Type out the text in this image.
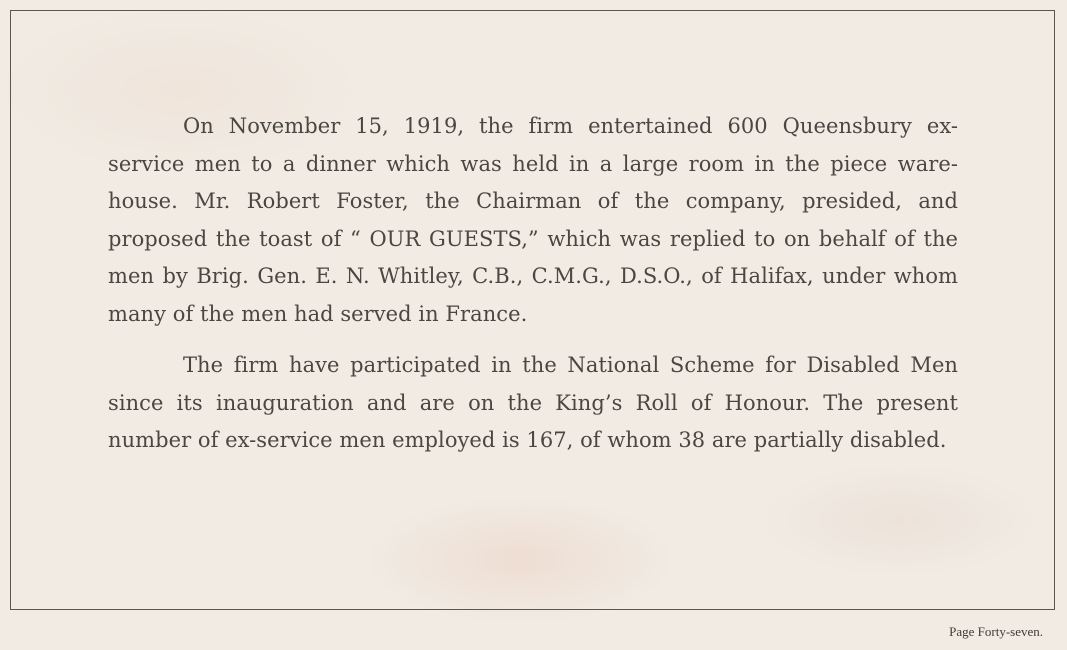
On November 15, 1919, the firm entertained 600 Queensbury ex-service men to a dinner which was held in a large room in the piece ware-house. Mr. Robert Foster, the Chairman of the company, presided, and proposed the toast of “ OUR GUESTS,” which was replied to on behalf of the men by Brig. Gen. E. N. Whitley, C.B., C.M.G., D.S.O., of Halifax, under whom many of the men had served in France.

The firm have participated in the National Scheme for Disabled Men since its inauguration and are on the King’s Roll of Honour. The present number of ex-service men employed is 167, of whom 38 are partially disabled.

Page Forty-seven.
